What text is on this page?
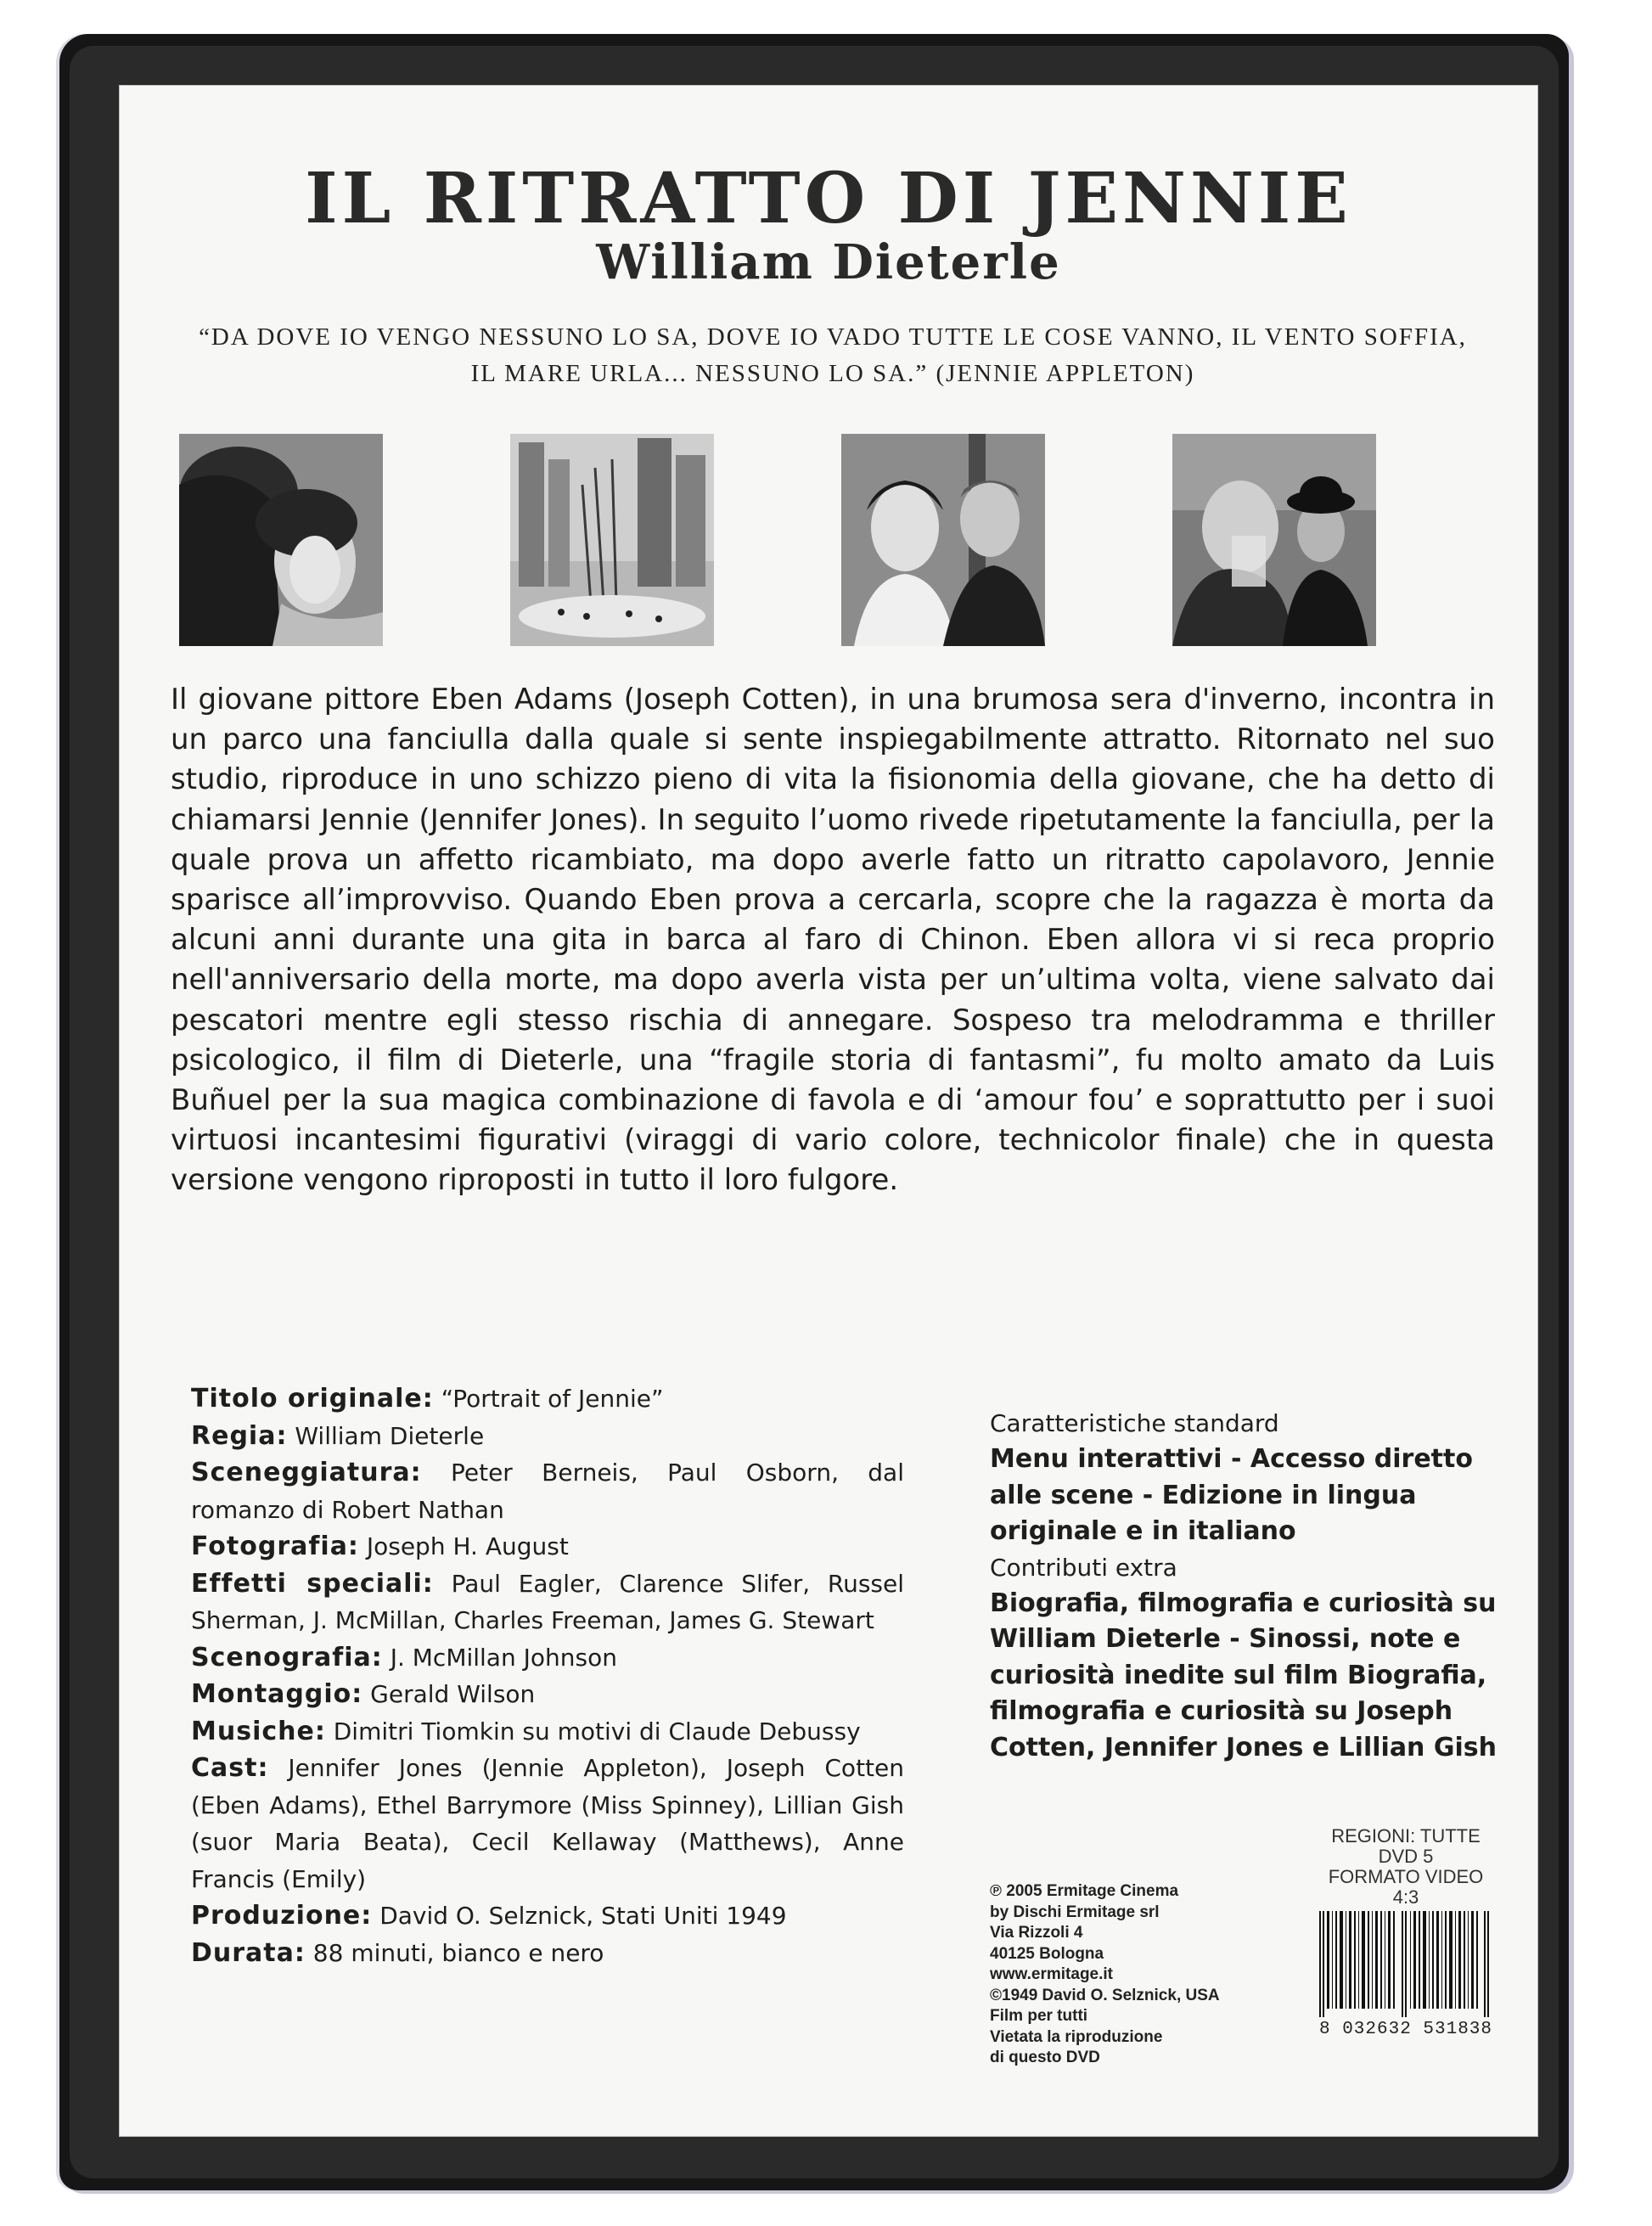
IL RITRATTO DI JENNIE
William Dieterle
“DA DOVE IO VENGO NESSUNO LO SA, DOVE IO VADO TUTTE LE COSE VANNO, IL VENTO SOFFIA,
IL MARE URLA... NESSUNO LO SA.” (JENNIE APPLETON)
Il giovane pittore Eben Adams (Joseph Cotten), in una brumosa sera d'inverno, incontra in un parco una fanciulla dalla quale si sente inspiegabilmente attratto. Ritornato nel suo studio, riproduce in uno schizzo pieno di vita la fisionomia della giovane, che ha detto di chiamarsi Jennie (Jennifer Jones). In seguito l’uomo rivede ripetutamente la fanciulla, per la quale prova un affetto ricambiato, ma dopo averle fatto un ritratto capolavoro, Jennie sparisce all’improvviso. Quando Eben prova a cercarla, scopre che la ragazza è morta da alcuni anni durante una gita in barca al faro di Chinon. Eben allora vi si reca proprio nell'anniversario della morte, ma dopo averla vista per un’ultima volta, viene salvato dai pescatori mentre egli stesso rischia di annegare. Sospeso tra melodramma e thriller psicologico, il film di Dieterle, una “fragile storia di fantasmi”, fu molto amato da Luis Buñuel per la sua magica combinazione di favola e di ‘amour fou’ e soprattutto per i suoi virtuosi incantesimi figurativi (viraggi di vario colore, technicolor finale) che in questa versione vengono riproposti in tutto il loro fulgore.

Titolo originale: “Portrait of Jennie”

Regia: William Dieterle

Sceneggiatura: Peter Berneis, Paul Osborn, dal romanzo di Robert Nathan

Fotografia: Joseph H. August

Effetti speciali: Paul Eagler, Clarence Slifer, Russel Sherman, J. McMillan, Charles Freeman, James G. Stewart

Scenografia: J. McMillan Johnson

Montaggio: Gerald Wilson

Musiche: Dimitri Tiomkin su motivi di Claude Debussy

Cast: Jennifer Jones (Jennie Appleton), Joseph Cotten (Eben Adams), Ethel Barrymore (Miss Spinney), Lillian Gish (suor Maria Beata), Cecil Kellaway (Matthews), Anne Francis (Emily)

Produzione: David O. Selznick, Stati Uniti 1949

Durata: 88 minuti, bianco e nero

Caratteristiche standard
Menu interattivi - Accesso diretto alle scene - Edizione in lingua originale e in italiano
Contributi extra
Biografia, filmografia e curiosità su William Dieterle - Sinossi, note e curiosità inedite sul film Biografia, filmografia e curiosità su Joseph Cotten, Jennifer Jones e Lillian Gish
REGIONI: TUTTE
DVD 5
FORMATO VIDEO
4:3
℗ 2005 Ermitage Cinema
by Dischi Ermitage srl
Via Rizzoli 4
40125 Bologna
www.ermitage.it
©1949 David O. Selznick, USA
Film per tutti
Vietata la riproduzione
di questo DVD
8 032632 531838
